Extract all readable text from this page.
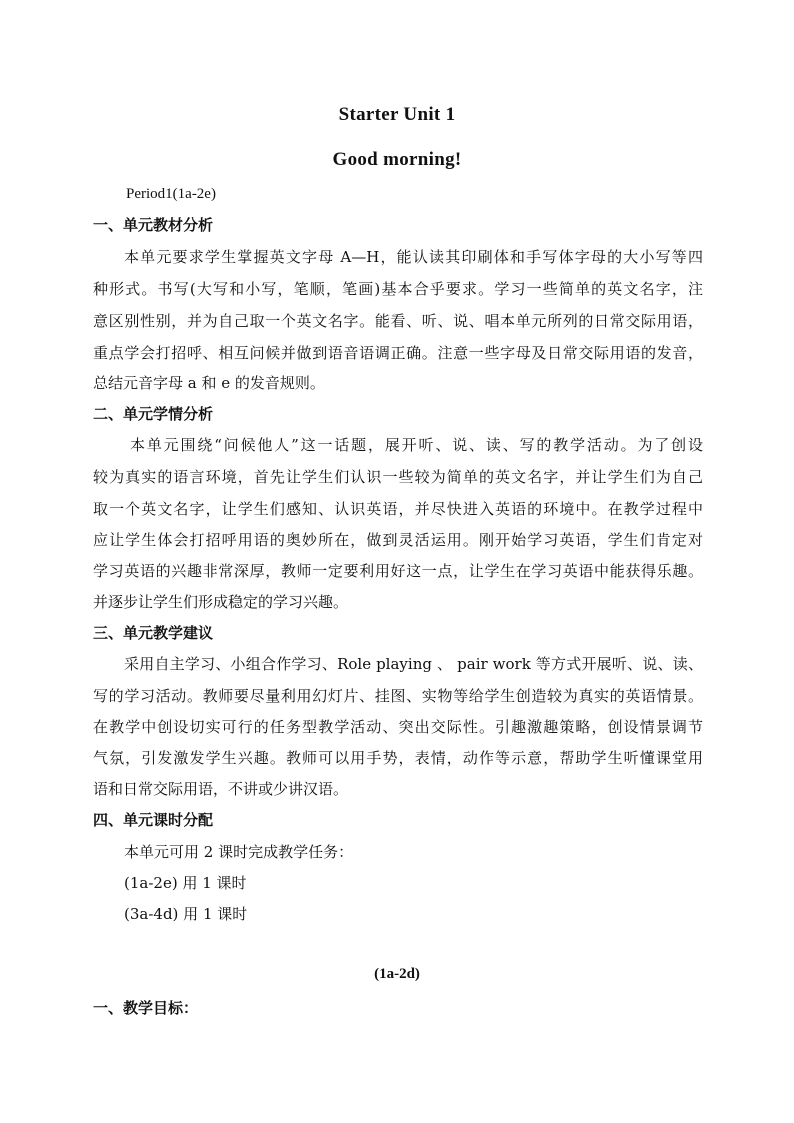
Starter Unit 1
Good morning!
Period1(1a-2e)
一、单元教材分析
本单元要求学生掌握英文字母 A—H，能认读其印刷体和手写体字母的大小写等四
种形式。书写(大写和小写，笔顺，笔画)基本合乎要求。学习一些简单的英文名字，注
意区别性别，并为自己取一个英文名字。能看、听、说、唱本单元所列的日常交际用语，
重点学会打招呼、相互问候并做到语音语调正确。注意一些字母及日常交际用语的发音，
总结元音字母 a 和 e 的发音规则。
二、单元学情分析
本单元围绕“问候他人”这一话题，展开听、说、读、写的教学活动。为了创设
较为真实的语言环境，首先让学生们认识一些较为简单的英文名字，并让学生们为自己
取一个英文名字，让学生们感知、认识英语，并尽快进入英语的环境中。在教学过程中
应让学生体会打招呼用语的奥妙所在，做到灵活运用。刚开始学习英语，学生们肯定对
学习英语的兴趣非常深厚，教师一定要利用好这一点，让学生在学习英语中能获得乐趣。
并逐步让学生们形成稳定的学习兴趣。
三、单元教学建议
采用自主学习、小组合作学习、Role playing 、 pair work 等方式开展听、说、读、
写的学习活动。教师要尽量利用幻灯片、挂图、实物等给学生创造较为真实的英语情景。
在教学中创设切实可行的任务型教学活动、突出交际性。引趣激趣策略，创设情景调节
气氛，引发激发学生兴趣。教师可以用手势，表情，动作等示意，帮助学生听懂课堂用
语和日常交际用语，不讲或少讲汉语。
四、单元课时分配
本单元可用 2 课时完成教学任务：
(1a-2e) 用 1 课时
(3a-4d) 用 1 课时
(1a-2d)
一、教学目标：
